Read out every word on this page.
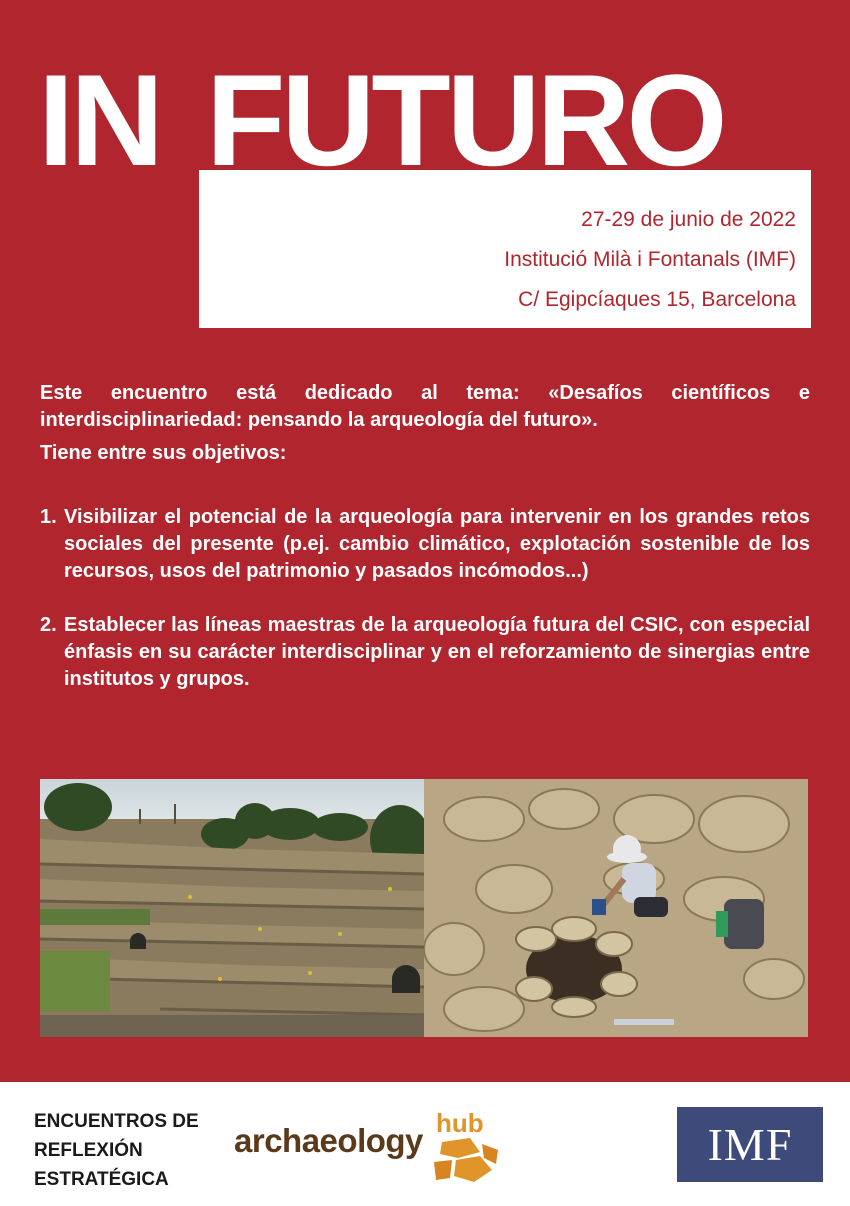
IN FUTURO
27-29 de junio de 2022
Institució Milà i Fontanals (IMF)
C/ Egipcíaques 15, Barcelona

Este encuentro está dedicado al tema: «Desafíos científicos e interdisciplinariedad: pensando la arqueología del futuro».

Tiene entre sus objetivos:

1. Visibilizar el potencial de la arqueología para intervenir en los grandes retos sociales del presente (p.ej. cambio climático, explotación sostenible de los recursos, usos del patrimonio y pasados incómodos...)
2. Establecer las líneas maestras de la arqueología futura del CSIC, con especial énfasis en su carácter interdisciplinar y en el reforzamiento de sinergias entre institutos y grupos.
ENCUENTROS DE
REFLEXIÓN
ESTRATÉGICA
archaeology hub	IMF
